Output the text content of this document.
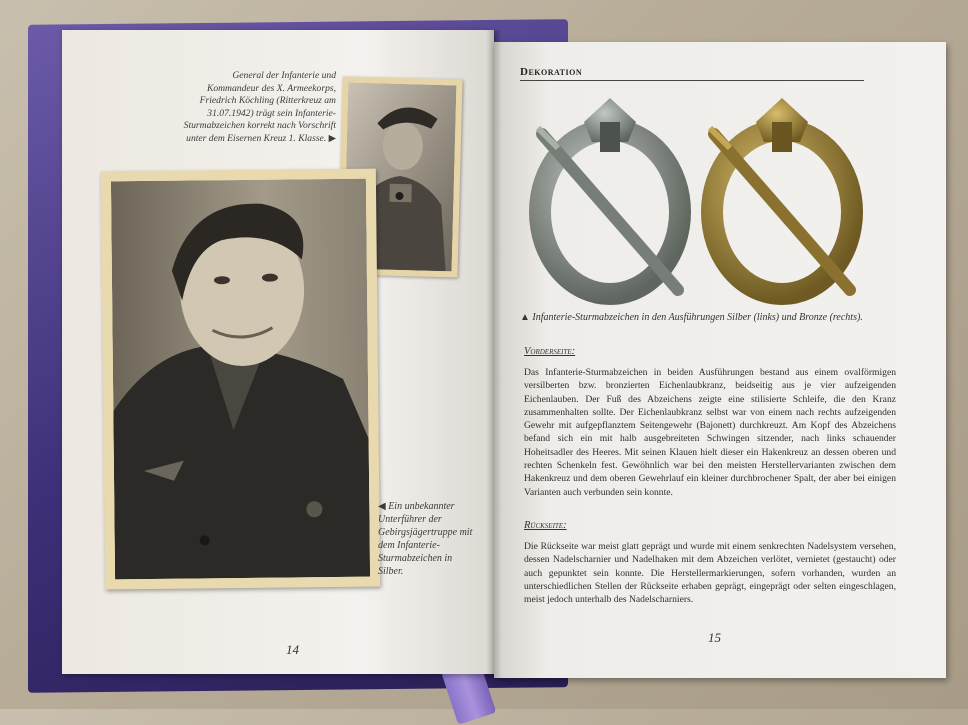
General der Infanterie und Kommandeur des X. Armeekorps, Friedrich Köchling (Ritterkreuz am 31.07.1942) trägt sein Infanterie-Sturmabzeichen korrekt nach Vorschrift unter dem Eisernen Kreuz 1. Klasse. ▶
◀ Ein unbekannter Unterführer der Gebirgsjägertruppe mit dem Infanterie-Sturmabzeichen in Silber.
14
Dekoration
▲ Infanterie-Sturmabzeichen in den Ausführungen Silber (links) und Bronze (rechts).
Vorderseite:
Das Infanterie-Sturmabzeichen in beiden Ausführungen bestand aus einem ovalförmigen versilberten bzw. bronzierten Eichenlaubkranz, beidseitig aus je vier aufzeigenden Eichenlauben. Der Fuß des Abzeichens zeigte eine stilisierte Schleife, die den Kranz zusammenhalten sollte. Der Eichenlaubkranz selbst war von einem nach rechts aufzeigenden Gewehr mit aufgepflanztem Seitengewehr (Bajonett) durchkreuzt. Am Kopf des Abzeichens befand sich ein mit halb ausgebreiteten Schwingen sitzender, nach links schauender Hoheitsadler des Heeres. Mit seinen Klauen hielt dieser ein Hakenkreuz an dessen oberen und rechten Schenkeln fest. Gewöhnlich war bei den meisten Herstellervarianten zwischen dem Hakenkreuz und dem oberen Gewehrlauf ein kleiner durchbrochener Spalt, der aber bei einigen Varianten auch verbunden sein konnte.
Rückseite:
Die Rückseite war meist glatt geprägt und wurde mit einem senkrechten Nadelsystem versehen, dessen Nadelscharnier und Nadelhaken mit dem Abzeichen verlötet, vernietet (gestaucht) oder auch gepunktet sein konnte. Die Herstellermarkierungen, sofern vorhanden, wurden an unterschiedlichen Stellen der Rückseite erhaben geprägt, eingeprägt oder selten eingeschlagen, meist jedoch unterhalb des Nadelscharniers.
15
